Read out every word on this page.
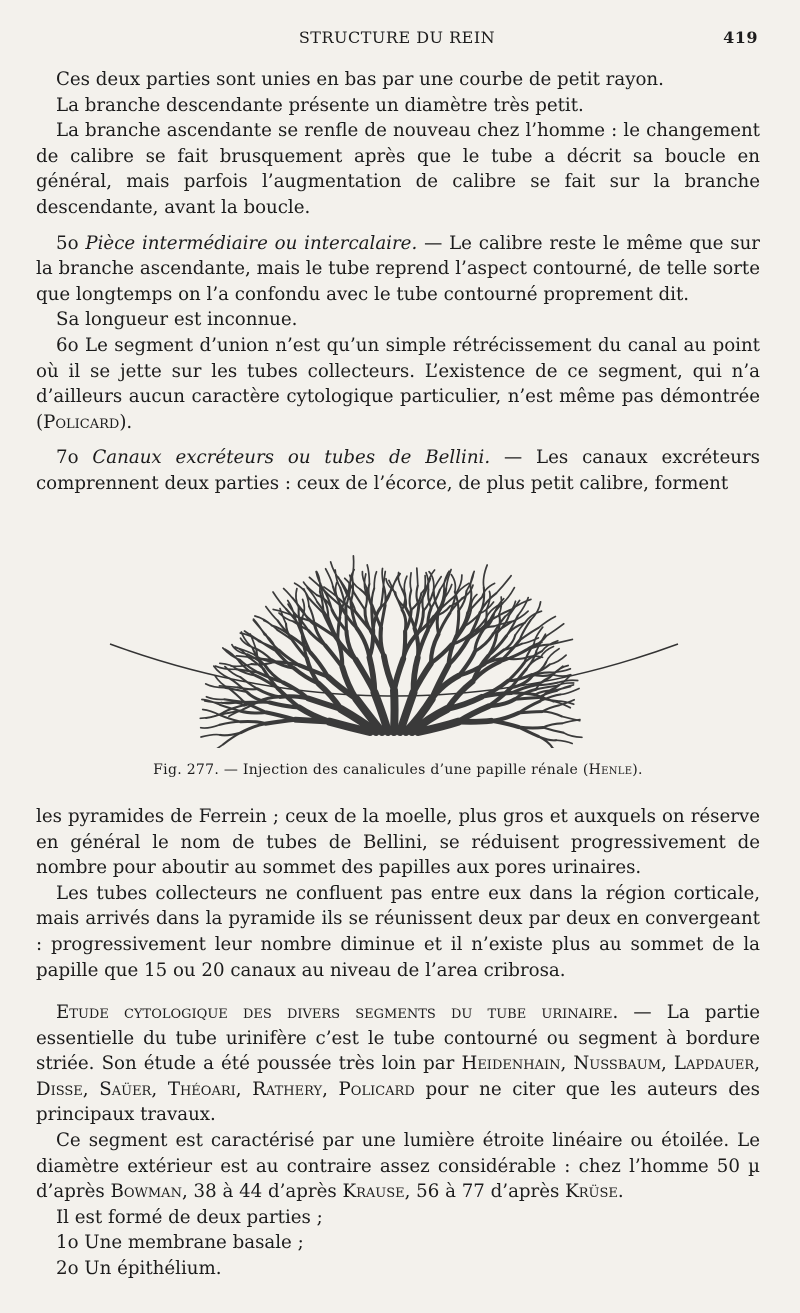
STRUCTURE DU REIN	419

Ces deux parties sont unies en bas par une courbe de petit rayon.

La branche descendante présente un diamètre très petit.

La branche ascendante se renfle de nouveau chez l’homme : le changement de calibre se fait brusquement après que le tube a décrit sa boucle en général, mais parfois l’augmentation de calibre se fait sur la branche descendante, avant la boucle.

5o Pièce intermédiaire ou intercalaire. — Le calibre reste le même que sur la branche ascendante, mais le tube reprend l’aspect contourné, de telle sorte que longtemps on l’a confondu avec le tube contourné proprement dit.

Sa longueur est inconnue.

6o Le segment d’union n’est qu’un simple rétrécissement du canal au point où il se jette sur les tubes collecteurs. L’existence de ce segment, qui n’a d’ailleurs aucun caractère cytologique particulier, n’est même pas démontrée (Policard).

7o Canaux excréteurs ou tubes de Bellini. — Les canaux excréteurs comprennent deux parties : ceux de l’écorce, de plus petit calibre, forment

Fig. 277. — Injection des canalicules d’une papille rénale (Henle).

les pyramides de Ferrein ; ceux de la moelle, plus gros et auxquels on réserve en général le nom de tubes de Bellini, se réduisent progressivement de nombre pour aboutir au sommet des papilles aux pores urinaires.

Les tubes collecteurs ne confluent pas entre eux dans la région corticale, mais arrivés dans la pyramide ils se réunissent deux par deux en convergeant : progressivement leur nombre diminue et il n’existe plus au sommet de la papille que 15 ou 20 canaux au niveau de l’area cribrosa.

Etude cytologique des divers segments du tube urinaire. — La partie essentielle du tube urinifère c’est le tube contourné ou segment à bordure striée. Son étude a été poussée très loin par Heidenhain, Nussbaum, Lapdauer, Disse, Saüer, Théoari, Rathery, Policard pour ne citer que les auteurs des principaux travaux.

Ce segment est caractérisé par une lumière étroite linéaire ou étoilée. Le diamètre extérieur est au contraire assez considérable : chez l’homme 50 µ d’après Bowman, 38 à 44 d’après Krause, 56 à 77 d’après Krüse.

Il est formé de deux parties ;

1o Une membrane basale ;

2o Un épithélium.
